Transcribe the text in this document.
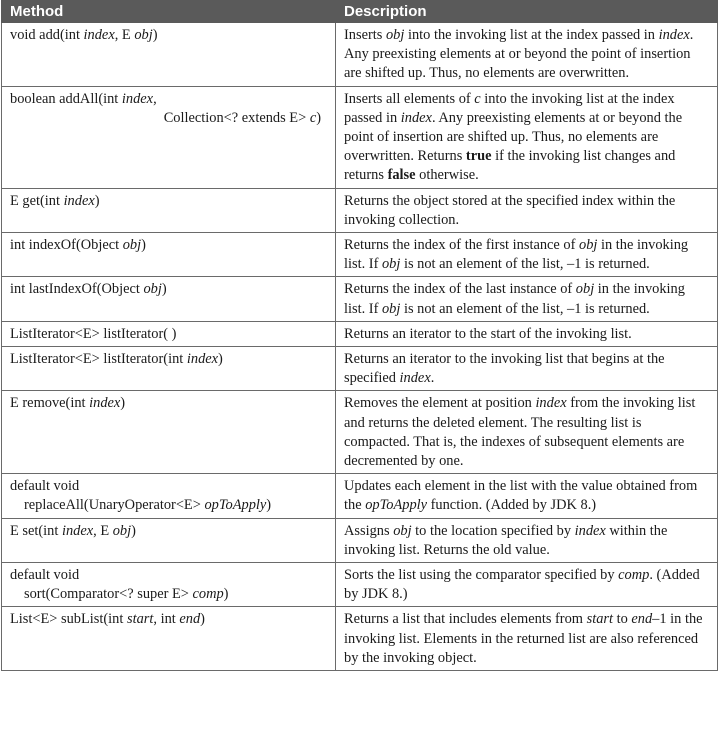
Method	Description

void add(int index, E obj)	Inserts obj into the invoking list at the index passed in index. Any preexisting elements at or beyond the point of insertion are shifted up. Thus, no elements are overwritten.

boolean addAll(int index,
Collection<? extends E> c)	Inserts all elements of c into the invoking list at the index passed in index. Any preexisting elements at or beyond the point of insertion are shifted up. Thus, no elements are overwritten. Returns true if the invoking list changes and returns false otherwise.

E get(int index)	Returns the object stored at the specified index within the invoking collection.

int indexOf(Object obj)	Returns the index of the first instance of obj in the invoking list. If obj is not an element of the list, –1 is returned.

int lastIndexOf(Object obj)	Returns the index of the last instance of obj in the invoking list. If obj is not an element of the list, –1 is returned.

ListIterator<E> listIterator( )	Returns an iterator to the start of the invoking list.

ListIterator<E> listIterator(int index)	Returns an iterator to the invoking list that begins at the specified index.

E remove(int index)	Removes the element at position index from the invoking list and returns the deleted element. The resulting list is compacted. That is, the indexes of subsequent elements are decremented by one.

default void
replaceAll(UnaryOperator<E> opToApply)	Updates each element in the list with the value obtained from the opToApply function. (Added by JDK 8.)

E set(int index, E obj)	Assigns obj to the location specified by index within the invoking list. Returns the old value.

default void
sort(Comparator<? super E> comp)	Sorts the list using the comparator specified by comp. (Added by JDK 8.)

List<E> subList(int start, int end)	Returns a list that includes elements from start to end–1 in the invoking list. Elements in the returned list are also referenced by the invoking object.
